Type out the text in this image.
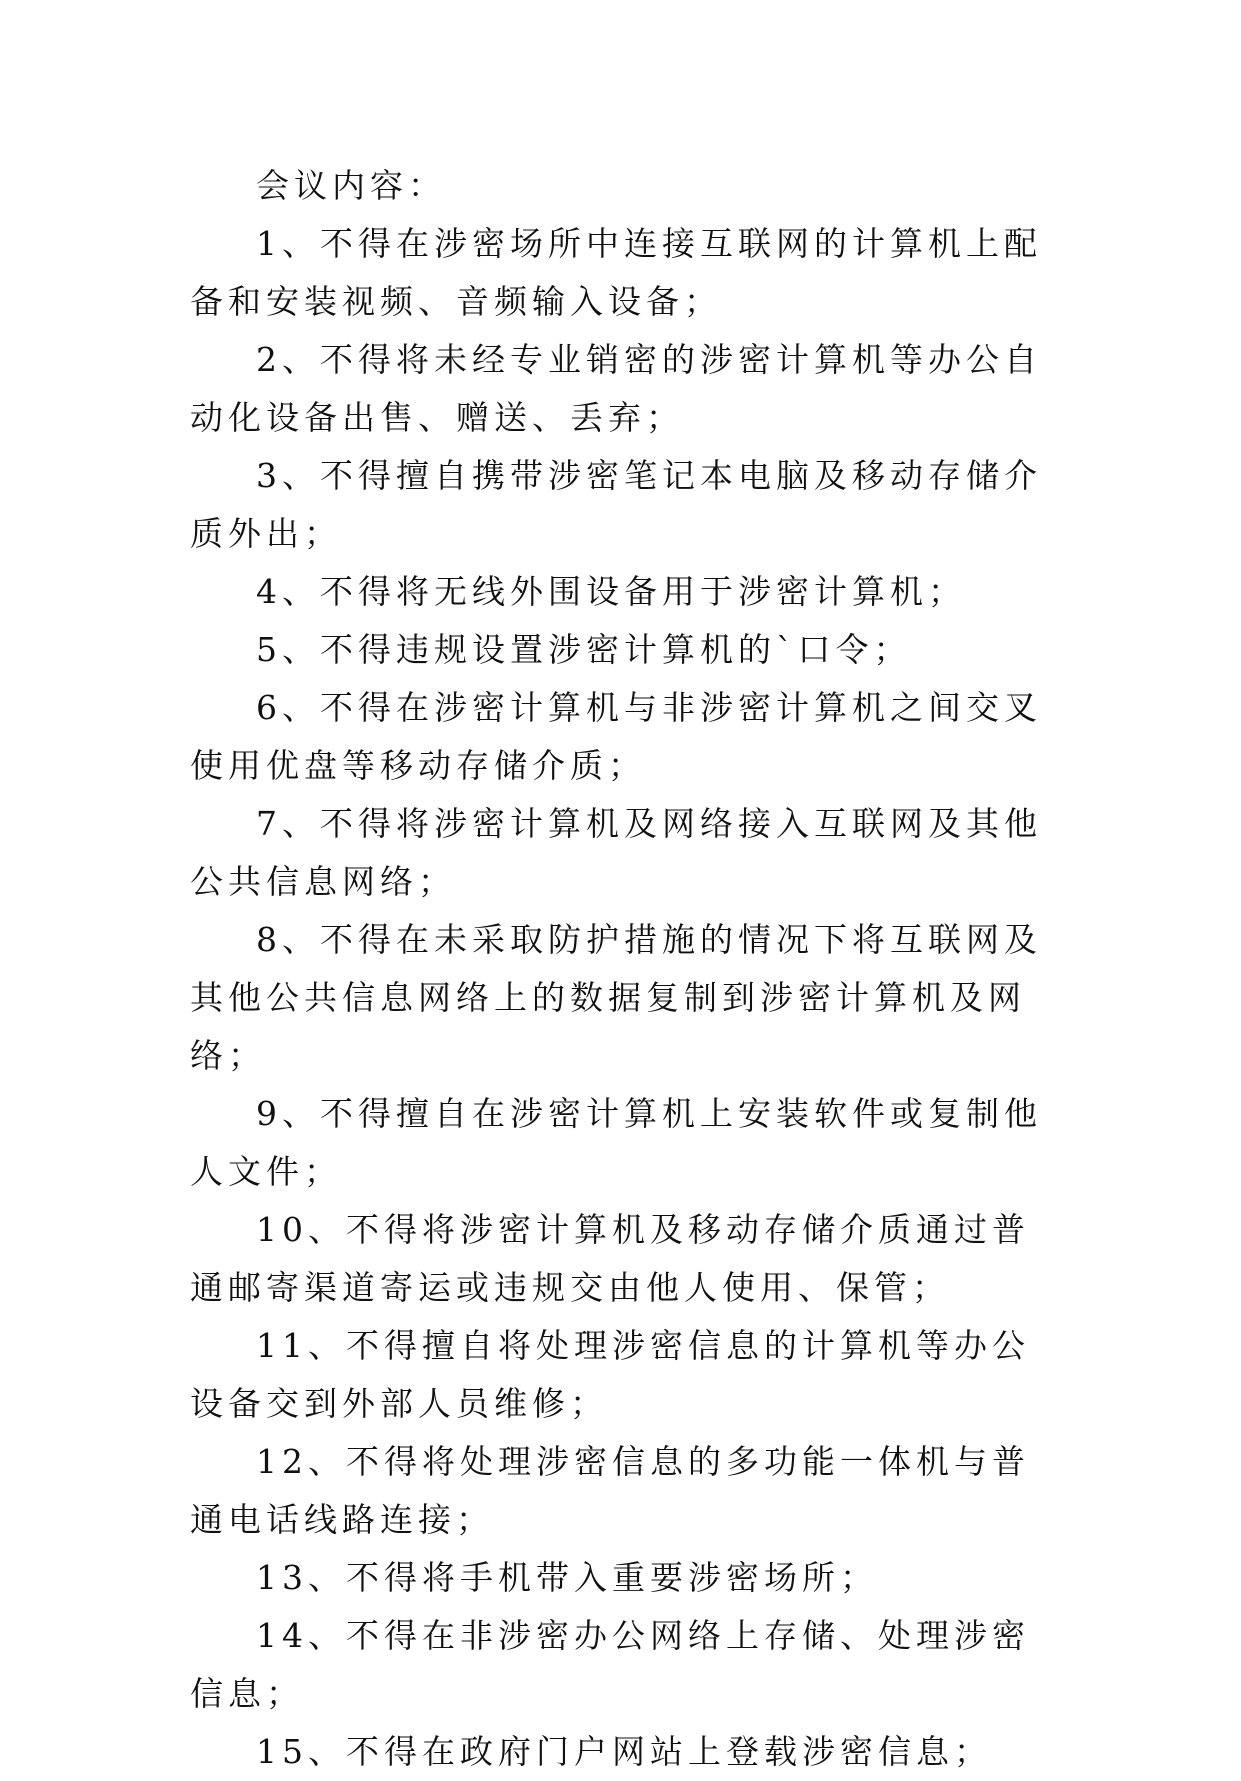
会议内容：

1、不得在涉密场所中连接互联网的计算机上配备和安装视频、音频输入设备；

2、不得将未经专业销密的涉密计算机等办公自动化设备出售、赠送、丢弃；

3、不得擅自携带涉密笔记本电脑及移动存储介质外出；

4、不得将无线外围设备用于涉密计算机；

5、不得违规设置涉密计算机的`口令；

6、不得在涉密计算机与非涉密计算机之间交叉使用优盘等移动存储介质；

7、不得将涉密计算机及网络接入互联网及其他公共信息网络；

8、不得在未采取防护措施的情况下将互联网及其他公共信息网络上的数据复制到涉密计算机及网络；

9、不得擅自在涉密计算机上安装软件或复制他人文件；

10、不得将涉密计算机及移动存储介质通过普通邮寄渠道寄运或违规交由他人使用、保管；

11、不得擅自将处理涉密信息的计算机等办公设备交到外部人员维修；

12、不得将处理涉密信息的多功能一体机与普通电话线路连接；

13、不得将手机带入重要涉密场所；

14、不得在非涉密办公网络上存储、处理涉密信息；

15、不得在政府门户网站上登载涉密信息；
